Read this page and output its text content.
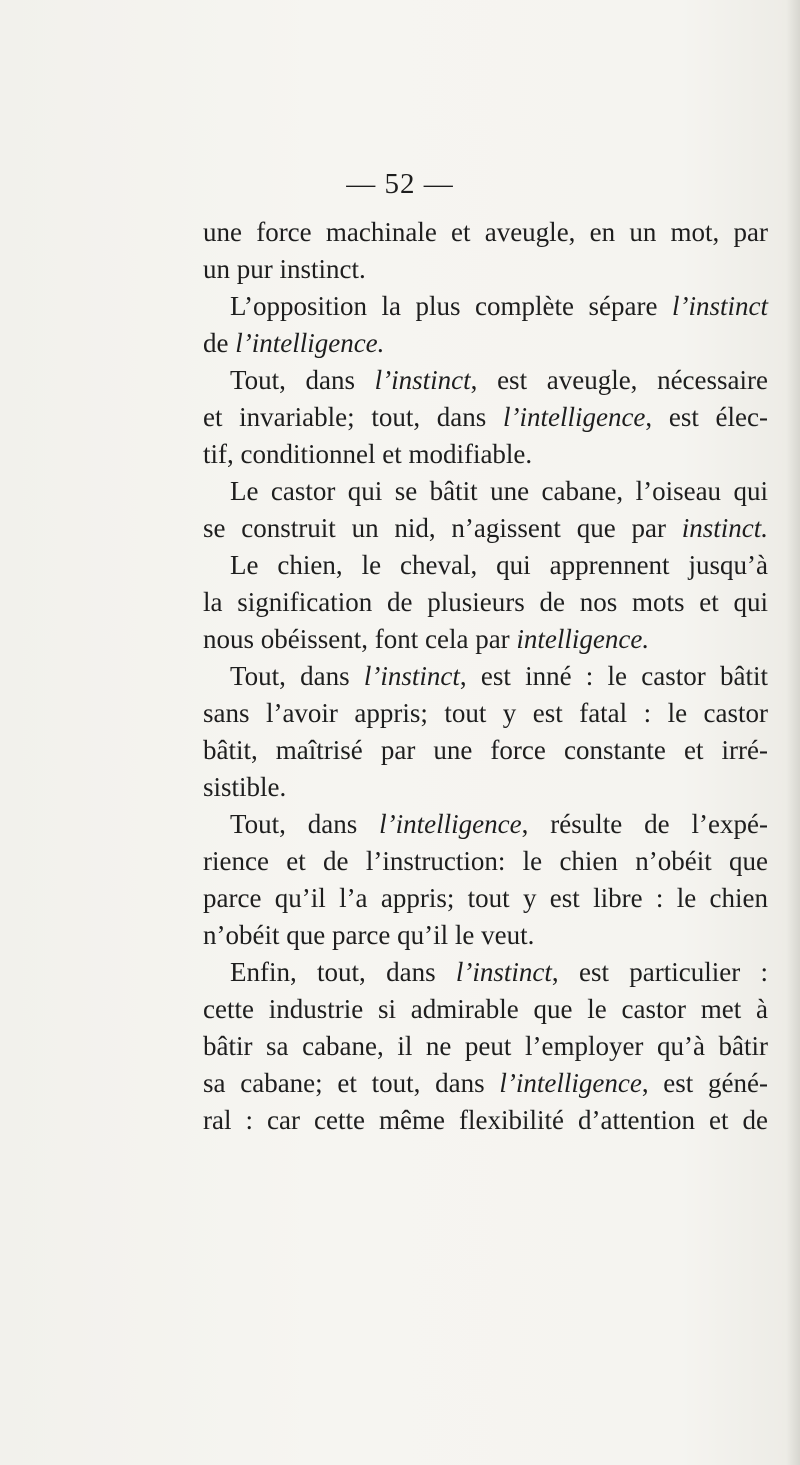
— 52 —
une force machinale et aveugle, en un mot, par
un pur instinct.
L’opposition la plus complète sépare l’instinct
de l’intelligence.
Tout, dans l’instinct, est aveugle, nécessaire
et invariable; tout, dans l’intelligence, est élec-
tif, conditionnel et modifiable.
Le castor qui se bâtit une cabane, l’oiseau qui
se construit un nid, n’agissent que par instinct.
Le chien, le cheval, qui apprennent jusqu’à
la signification de plusieurs de nos mots et qui
nous obéissent, font cela par intelligence.
Tout, dans l’instinct, est inné : le castor bâtit
sans l’avoir appris; tout y est fatal : le castor
bâtit, maîtrisé par une force constante et irré-
sistible.
Tout, dans l’intelligence, résulte de l’expé-
rience et de l’instruction: le chien n’obéit que
parce qu’il l’a appris; tout y est libre : le chien
n’obéit que parce qu’il le veut.
Enfin, tout, dans l’instinct, est particulier :
cette industrie si admirable que le castor met à
bâtir sa cabane, il ne peut l’employer qu’à bâtir
sa cabane; et tout, dans l’intelligence, est géné-
ral : car cette même flexibilité d’attention et de
